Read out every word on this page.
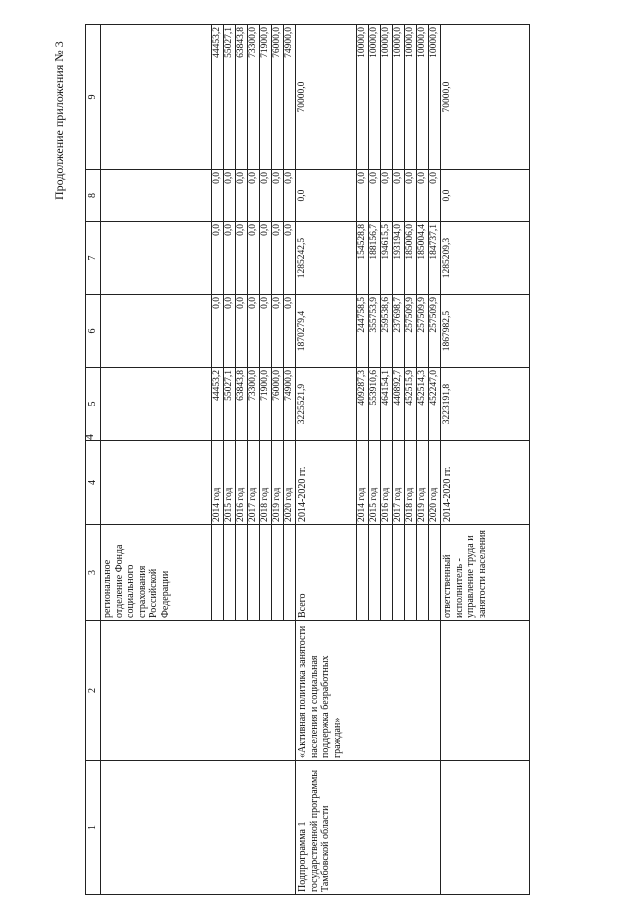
4
Продолжение приложения № 3
1	2	3	4	5	6	7	8	9
		региональное отделение Фонда социального страхования Российской Федерации						
			2014 год	44453,2	0,0	0,0	0,0	44453,2
			2015 год	55027,1	0,0	0,0	0,0	55027,1
			2016 год	63843,8	0,0	0,0	0,0	63843,8
			2017 год	73300,0	0,0	0,0	0,0	73300,0
			2018 год	71900,0	0,0	0,0	0,0	71900,0
			2019 год	76000,0	0,0	0,0	0,0	76000,0
			2020 год	74900,0	0,0	0,0	0,0	74900,0
Подпрограмма 1 государственной программы Тамбовской области	«Активная политика занятости населения и социальная поддержка безработных граждан»	Всего	2014-2020 гг.	3225521,9	1870279,4	1285242,5	0,0	70000,0
			2014 год	409287,3	244758,5	154528,8	0,0	10000,0
			2015 год	553910,6	355753,9	188156,7	0,0	10000,0
			2016 год	464154,1	259538,6	194615,5	0,0	10000,0
			2017 год	440892,7	237698,7	193194,0	0,0	10000,0
			2018 год	452515,9	257509,9	185006,0	0,0	10000,0
			2019 год	452514,3	257509,9	185004,4	0,0	10000,0
			2020 год	452247,0	257509,9	184737,1	0,0	10000,0
		ответственный исполнитель - управление труда и занятости населения	2014-2020 гг.	3223191,8	1867982,5	1285209,3	0,0	70000,0
